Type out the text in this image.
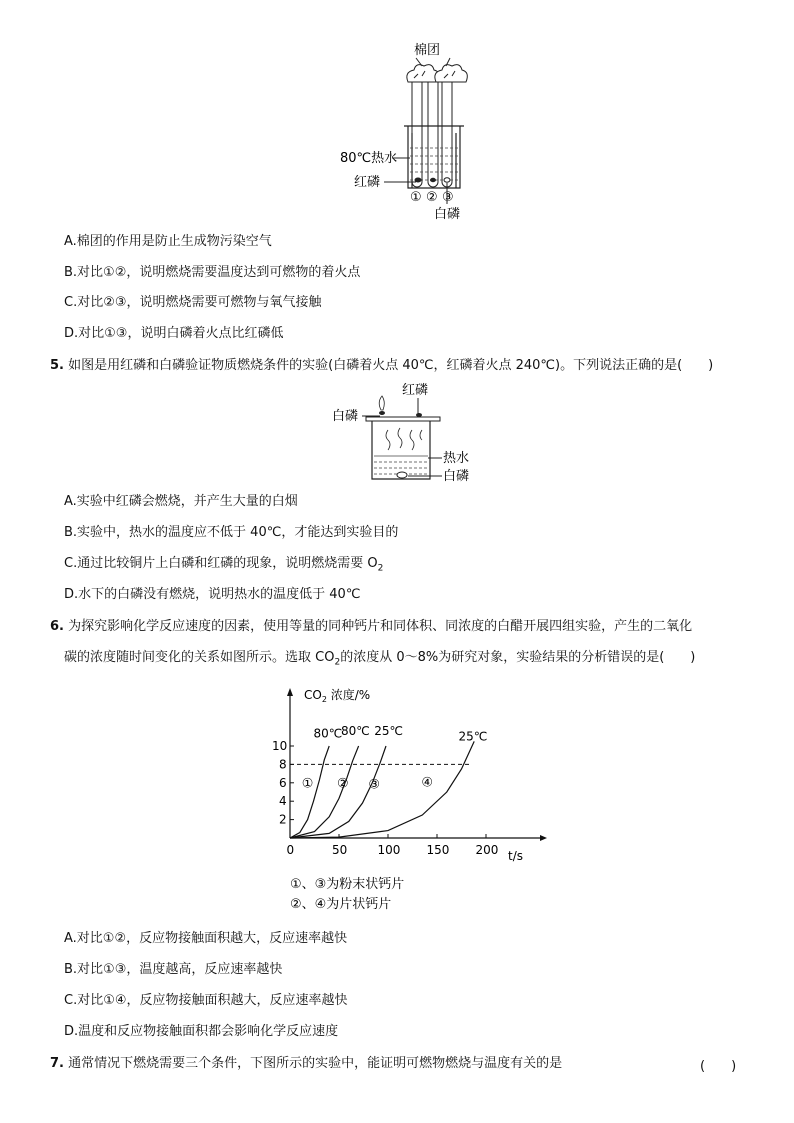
棉团
80℃热水
红磷
① ② ③
白磷
A.棉团的作用是防止生成物污染空气
B.对比①②，说明燃烧需要温度达到可燃物的着火点
C.对比②③，说明燃烧需要可燃物与氧气接触
D.对比①③，说明白磷着火点比红磷低
5. 如图是用红磷和白磷验证物质燃烧条件的实验(白磷着火点 40℃，红磷着火点 240℃)。下列说法正确的是(　　)
红磷
白磷
热水
白磷
A.实验中红磷会燃烧，并产生大量的白烟
B.实验中，热水的温度应不低于 40℃，才能达到实验目的
C.通过比较铜片上白磷和红磷的现象，说明燃烧需要 $O_2$
D.水下的白磷没有燃烧，说明热水的温度低于 40℃
6. 为探究影响化学反应速度的因素，使用等量的同种钙片和同体积、同浓度的白醋开展四组实验，产生的二氧化
碳的浓度随时间变化的关系如图所示。选取 $CO_2$的浓度从 0～8%为研究对象，实验结果的分析错误的是(　　)
$CO_2$ 浓度/%
t/s
0	50	100 150 200
2
4
6
8
10
80℃
①
80℃
②
25℃
③
25℃
④
①、③为粉末状钙片
②、④为片状钙片
A.对比①②，反应物接触面积越大，反应速率越快
B.对比①③，温度越高，反应速率越快
C.对比①④，反应物接触面积越大，反应速率越快
D.温度和反应物接触面积都会影响化学反应速度
7. 通常情况下燃烧需要三个条件，下图所示的实验中，能证明可燃物燃烧与温度有关的是	(　　)
